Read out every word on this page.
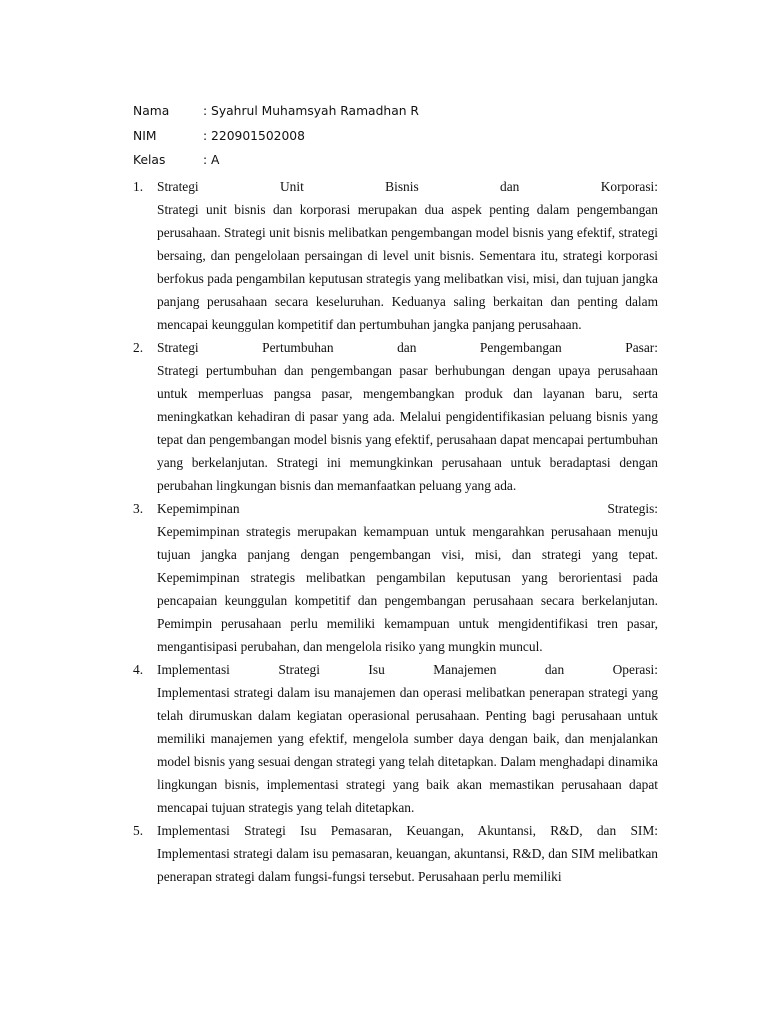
Nama	: Syahrul Muhamsyah Ramadhan R
NIM	: 220901502008
Kelas	: A
1. Strategi Unit Bisnis dan Korporasi:
Strategi unit bisnis dan korporasi merupakan dua aspek penting dalam pengembangan perusahaan. Strategi unit bisnis melibatkan pengembangan model bisnis yang efektif, strategi bersaing, dan pengelolaan persaingan di level unit bisnis. Sementara itu, strategi korporasi berfokus pada pengambilan keputusan strategis yang melibatkan visi, misi, dan tujuan jangka panjang perusahaan secara keseluruhan. Keduanya saling berkaitan dan penting dalam mencapai keunggulan kompetitif dan pertumbuhan jangka panjang perusahaan.
2. Strategi Pertumbuhan dan Pengembangan Pasar:
Strategi pertumbuhan dan pengembangan pasar berhubungan dengan upaya perusahaan untuk memperluas pangsa pasar, mengembangkan produk dan layanan baru, serta meningkatkan kehadiran di pasar yang ada. Melalui pengidentifikasian peluang bisnis yang tepat dan pengembangan model bisnis yang efektif, perusahaan dapat mencapai pertumbuhan yang berkelanjutan. Strategi ini memungkinkan perusahaan untuk beradaptasi dengan perubahan lingkungan bisnis dan memanfaatkan peluang yang ada.
3. Kepemimpinan Strategis:
Kepemimpinan strategis merupakan kemampuan untuk mengarahkan perusahaan menuju tujuan jangka panjang dengan pengembangan visi, misi, dan strategi yang tepat. Kepemimpinan strategis melibatkan pengambilan keputusan yang berorientasi pada pencapaian keunggulan kompetitif dan pengembangan perusahaan secara berkelanjutan. Pemimpin perusahaan perlu memiliki kemampuan untuk mengidentifikasi tren pasar, mengantisipasi perubahan, dan mengelola risiko yang mungkin muncul.
4. Implementasi Strategi Isu Manajemen dan Operasi:
Implementasi strategi dalam isu manajemen dan operasi melibatkan penerapan strategi yang telah dirumuskan dalam kegiatan operasional perusahaan. Penting bagi perusahaan untuk memiliki manajemen yang efektif, mengelola sumber daya dengan baik, dan menjalankan model bisnis yang sesuai dengan strategi yang telah ditetapkan. Dalam menghadapi dinamika lingkungan bisnis, implementasi strategi yang baik akan memastikan perusahaan dapat mencapai tujuan strategis yang telah ditetapkan.
5. Implementasi Strategi Isu Pemasaran, Keuangan, Akuntansi, R&D, dan SIM:
Implementasi strategi dalam isu pemasaran, keuangan, akuntansi, R&D, dan SIM melibatkan penerapan strategi dalam fungsi-fungsi tersebut. Perusahaan perlu memiliki
